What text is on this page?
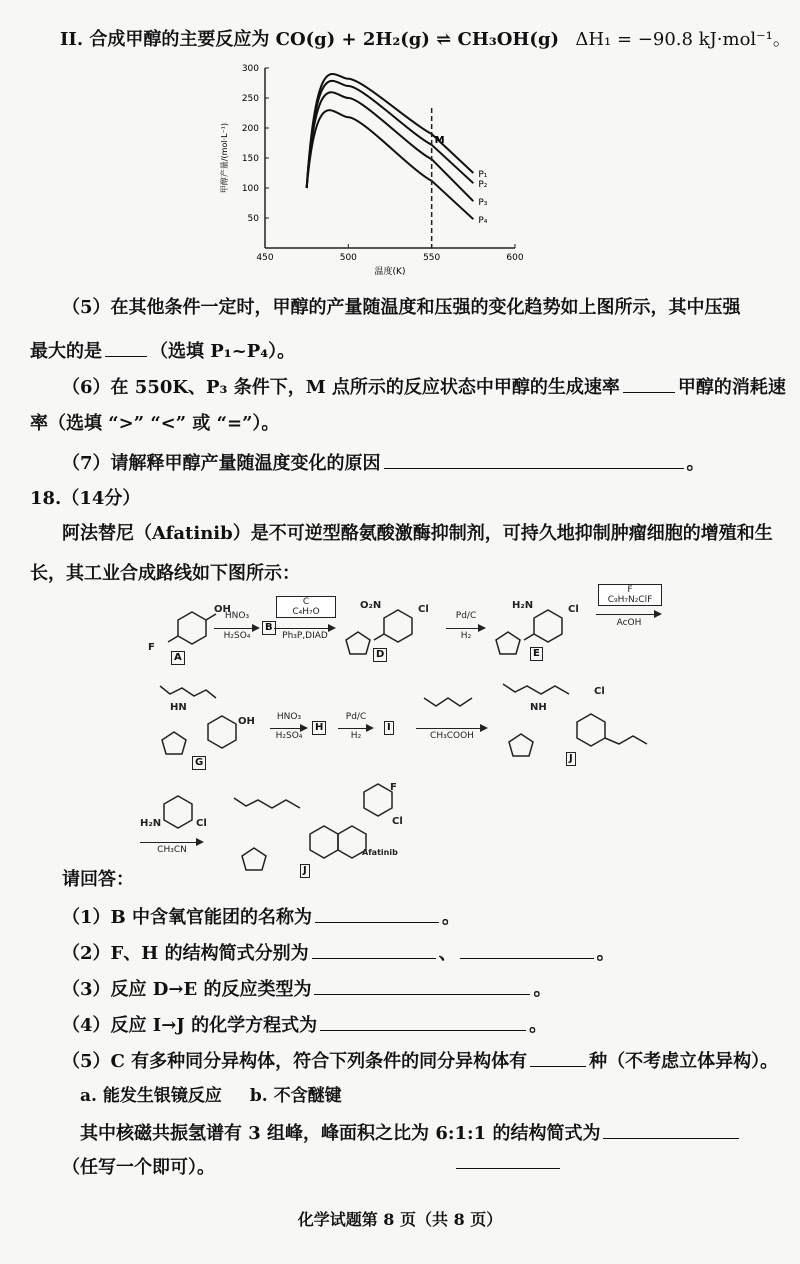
II. 合成甲醇的主要反应为 CO(g) + 2H₂(g) ⇌ CH₃OH(g) ΔH₁ = −90.8 kJ·mol⁻¹。
450	500	550	600
50
100
150
200
250
300
温度(K)
甲醇产量/(mol·L⁻¹)	P₁
P₂
P₃
P₄
M
（5）在其他条件一定时，甲醇的产量随温度和压强的变化趋势如上图所示，其中压强
最大的是	（选填 P₁~P₄）。
（6）在 550K、P₃ 条件下，M 点所示的反应状态中甲醇的生成速率	甲醇的消耗速
率（选填 “>” “<” 或 “=”）。
（7）请解释甲醇产量随温度变化的原因	。
18.（14分）
阿法替尼（Afatinib）是不可逆型酪氨酸激酶抑制剂，可持久地抑制肿瘤细胞的增殖和生
长，其工业合成路线如下图所示：
OH
F
A
HNO₃
H₂SO₄
B
C
C₄H₇O
Ph₃P,DIAD
O₂N	Cl
D
Pd/C
H₂
H₂N	Cl
E
F
C₉H₇N₂ClF
AcOH
HN
OH
G
HNO₃
H₂SO₄
H
Pd/C
H₂
I
CH₃COOH
Cl
NH
J
H₂N	Cl
CH₃CN
F
Cl
Afatinib
J
请回答：
（1）B 中含氧官能团的名称为	。
（2）F、H 的结构简式分别为	、	。
（3）反应 D→E 的反应类型为	。
（4）反应 I→J 的化学方程式为	。
（5）C 有多种同分异构体，符合下列条件的同分异构体有	种（不考虑立体异构）。
a. 能发生银镜反应 b. 不含醚键
其中核磁共振氢谱有 3 组峰，峰面积之比为 6:1:1 的结构简式为
（任写一个即可）。
化学试题第 8 页（共 8 页）
